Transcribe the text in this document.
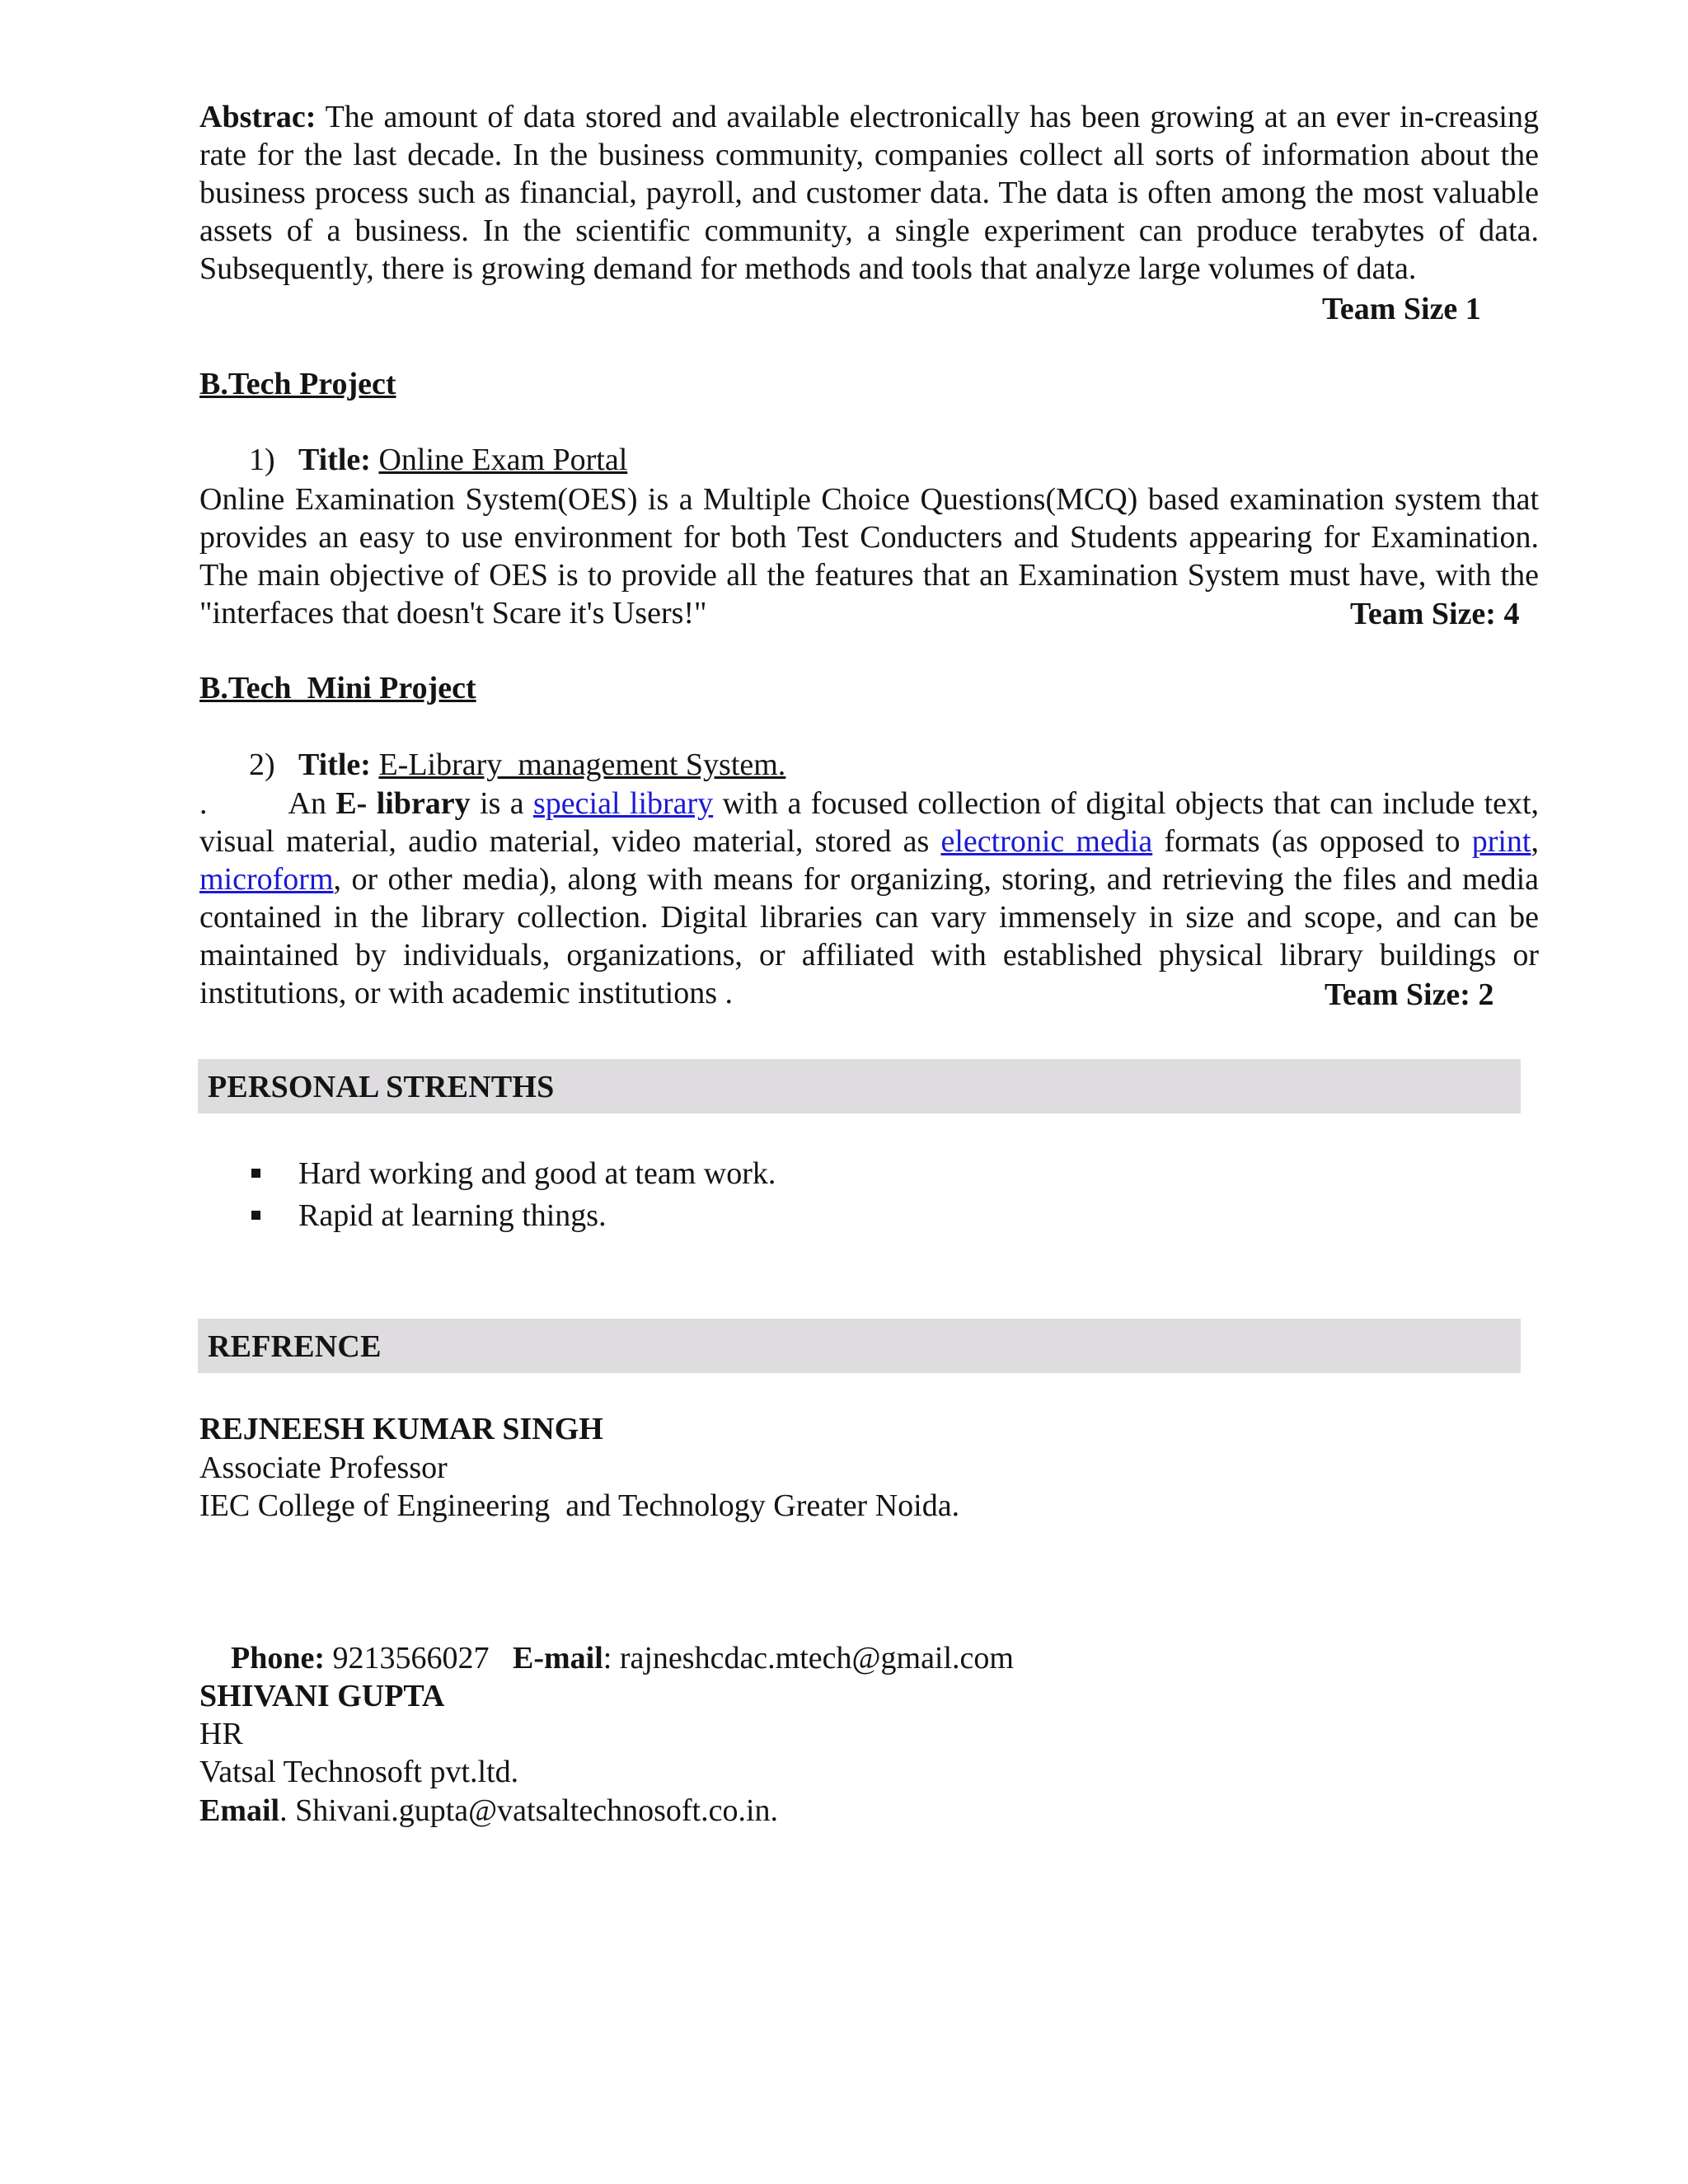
Abstrac: The amount of data stored and available electronically has been growing at an ever in-creasing rate for the last decade. In the business community, companies collect all sorts of information about the business process such as financial, payroll, and customer data. The data is often among the most valuable assets of a business. In the scientific community, a single experiment can produce terabytes of data. Subsequently, there is growing demand for methods and tools that analyze large volumes of data.
Team Size 1
B.Tech Project
1) Title: Online Exam Portal
Online Examination System(OES) is a Multiple Choice Questions(MCQ) based examination system that provides an easy to use environment for both Test Conducters and Students appearing for Examination. The main objective of OES is to provide all the features that an Examination System must have, with the "interfaces that doesn't Scare it's Users!"	Team Size: 4
B.Tech  Mini Project
2) Title: E-Library  management System.
.	An E- library is a special library with a focused collection of digital objects that can include text, visual material, audio material, video material, stored as electronic media formats (as opposed to print, microform, or other media), along with means for organizing, storing, and retrieving the files and media contained in the library collection. Digital libraries can vary immensely in size and scope, and can be maintained by individuals, organizations, or affiliated with established physical library buildings or institutions, or with academic institutions .	Team Size: 2
PERSONAL STRENTHS
Hard working and good at team work.
Rapid at learning things.
REFRENCE
REJNEESH KUMAR SINGH
Associate Professor
IEC College of Engineering  and Technology Greater Noida.

Phone: 9213566027 E-mail: rajneshcdac.mtech@gmail.com

SHIVANI GUPTA
HR
Vatsal Technosoft pvt.ltd.
Email. Shivani.gupta@vatsaltechnosoft.co.in.
